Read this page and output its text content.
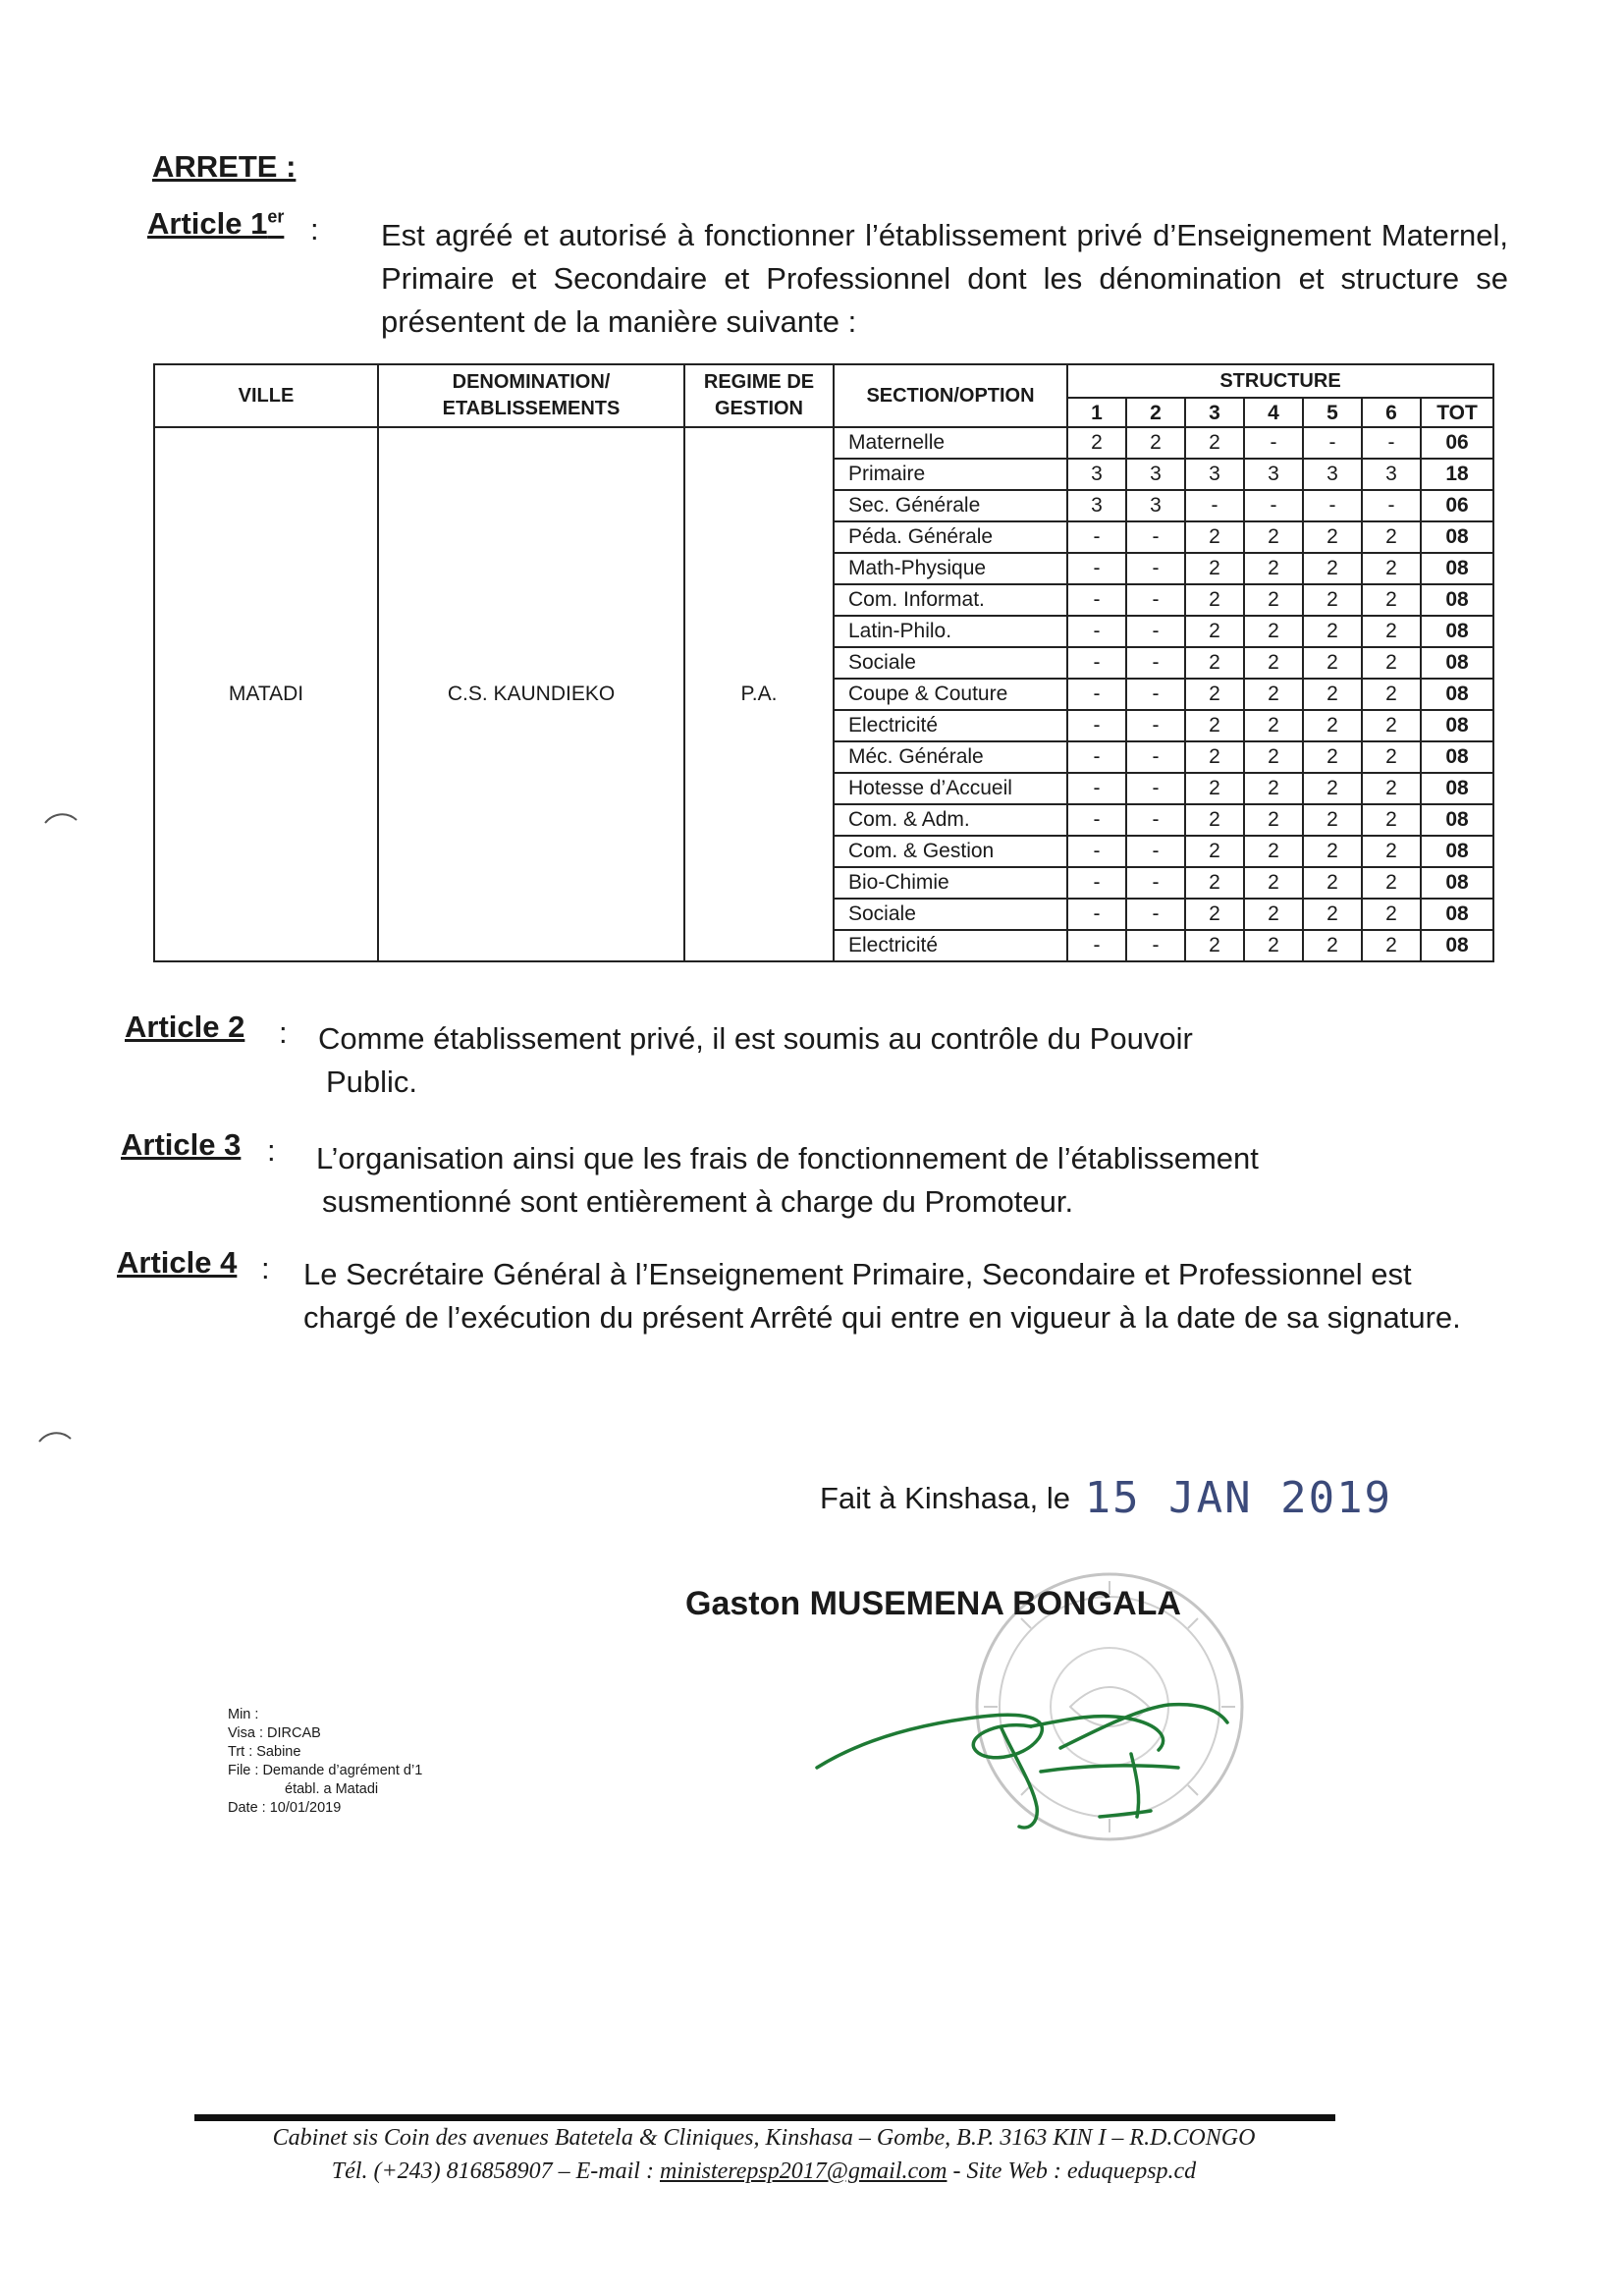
ARRETE :
Article 1er : Est agréé et autorisé à fonctionner l’établissement privé d’Enseignement Maternel, Primaire et Secondaire et Professionnel dont les dénomination et structure se présentent de la manière suivante :
VILLE	DENOMINATION/ ETABLISSEMENTS	REGIME DE GESTION	SECTION/OPTION	STRUCTURE						
				1	2	3	4	5	6	TOT
MATADI	C.S. KAUNDIEKO	P.A.	Maternelle	2	2	2	-	-	-	06
			Primaire	3	3	3	3	3	3	18
			Sec. Générale	3	3	-	-	-	-	06
			Péda. Générale	-	-	2	2	2	2	08
			Math-Physique	-	-	2	2	2	2	08
			Com. Informat.	-	-	2	2	2	2	08
			Latin-Philo.	-	-	2	2	2	2	08
			Sociale	-	-	2	2	2	2	08
			Coupe & Couture	-	-	2	2	2	2	08
			Electricité	-	-	2	2	2	2	08
			Méc. Générale	-	-	2	2	2	2	08
			Hotesse d’Accueil	-	-	2	2	2	2	08
			Com. & Adm.	-	-	2	2	2	2	08
			Com. & Gestion	-	-	2	2	2	2	08
			Bio-Chimie	-	-	2	2	2	2	08
			Sociale	-	-	2	2	2	2	08
			Electricité	-	-	2	2	2	2	08
Article 2 : Comme établissement privé, il est soumis au contrôle du Pouvoir
Public.
Article 3 : L’organisation ainsi que les frais de fonctionnement de l’établissement
susmentionné sont entièrement à charge du Promoteur.
Article 4 : Le Secrétaire Général à l’Enseignement Primaire, Secondaire et Professionnel est chargé de l’exécution du présent Arrêté qui entre en vigueur à la date de sa signature.
Fait à Kinshasa, le 15 JAN 2019
Gaston MUSEMENA BONGALA
Min :
Visa : DIRCAB
Trt : Sabine
File : Demande d’agrément d’1
établ. a Matadi
Date : 10/01/2019
Cabinet sis Coin des avenues Batetela & Cliniques, Kinshasa – Gombe, B.P. 3163 KIN I – R.D.CONGO
Tél. (+243) 816858907 – E-mail : ministerepsp2017@gmail.com - Site Web : eduquepsp.cd
